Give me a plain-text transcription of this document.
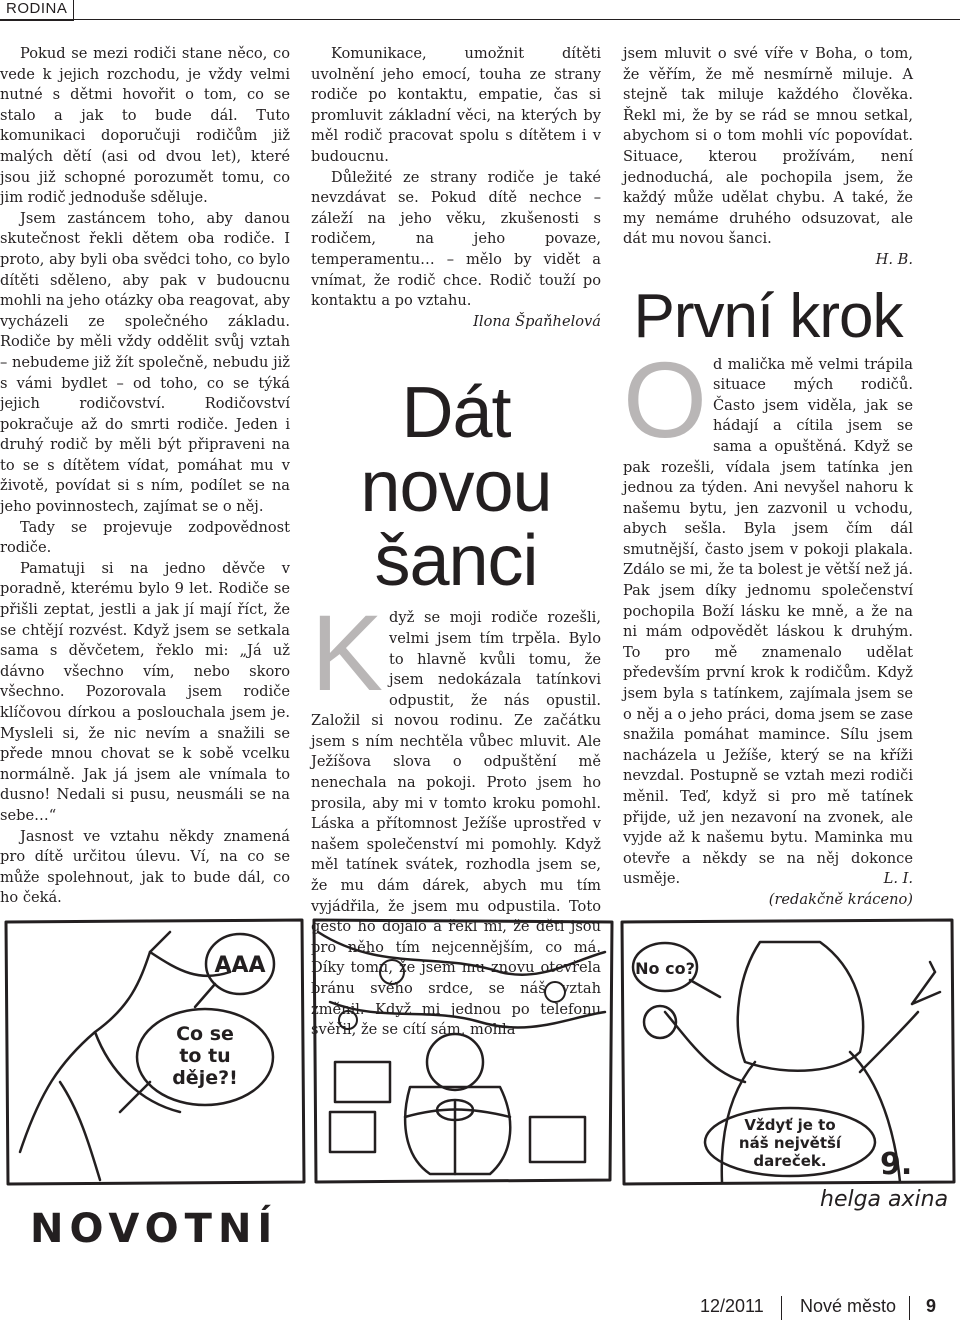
RODINA

Pokud se mezi rodiči stane něco, co vede k jejich rozchodu, je vždy velmi nutné s dětmi hovořit o tom, co se stalo a jak to bude dál. Tuto komunikaci doporučuji rodičům již malých dětí (asi od dvou let), které jsou již schopné porozumět tomu, co jim rodič jednoduše sděluje.

Jsem zastáncem toho, aby danou skutečnost řekli dětem oba rodiče. I proto, aby byli oba svědci toho, co bylo dítěti sděleno, aby pak v budoucnu mohli na jeho otázky oba reagovat, aby vycházeli ze společného základu. Rodiče by měli vždy oddělit svůj vztah – nebudeme již žít společně, nebudu již s vámi bydlet – od toho, co se týká jejich rodičovství. Rodičovství pokračuje až do smrti rodiče. Jeden i druhý rodič by měli být připraveni na to se s dítětem vídat, pomáhat mu v životě, povídat si s ním, podílet se na jeho povinnostech, zajímat se o něj.

Tady se projevuje zodpovědnost rodiče.

Pamatuji si na jedno děvče v poradně, kterému bylo 9 let. Rodiče se přišli zeptat, jestli a jak jí mají říct, že se chtějí rozvést. Když jsem se setkala sama s děvčetem, řeklo mi: „Já už dávno všechno vím, nebo skoro všechno. Pozorovala jsem rodiče klíčovou dírkou a poslouchala jsem je. Mysleli si, že nic nevím a snažili se přede mnou chovat se k sobě vcelku normálně. Jak já jsem ale vnímala to dusno! Nedali si pusu, neusmáli se na sebe…“

Jasnost ve vztahu někdy znamená pro dítě určitou úlevu. Ví, na co se může spolehnout, jak to bude dál, co ho čeká.

Komunikace, umožnit dítěti uvolnění jeho emocí, touha ze strany rodiče po kontaktu, empatie, čas si promluvit základní věci, na kterých by měl rodič pracovat spolu s dítětem i v budoucnu.

Důležité ze strany rodiče je také nevzdávat se. Pokud dítě nechce – záleží na jeho věku, zkušenosti s rodičem, na jeho povaze, temperamentu… – mělo by vidět a vnímat, že rodič chce. Rodič touží po kontaktu a po vztahu.

Ilona Špaňhelová

Dát novou
šanci

Když se moji rodiče rozešli, velmi jsem tím trpěla. Bylo to hlavně kvůli tomu, že jsem nedokázala tatínkovi odpustit, že nás opustil. Založil si novou rodinu. Ze začátku jsem s ním nechtěla vůbec mluvit. Ale Ježíšova slova o odpuštění mě nenechala na pokoji. Proto jsem ho prosila, aby mi v tomto kroku pomohl. Láska a přítomnost Ježíše uprostřed v našem společenství mi pomohly. Když měl tatínek svátek, rozhodla jsem se, že mu dám dárek, abych mu tím vyjádřila, že jsem mu odpustila. Toto gesto ho dojalo a řekl mi, že děti jsou pro něho tím nejcennějším, co má. Díky tomu, že jsem mu znovu otevřela bránu svého srdce, se náš vztah změnil. Když mi jednou po telefonu svěřil, že se cítí sám, mohla

jsem mluvit o své víře v Boha, o tom, že věřím, že mě nesmírně miluje. A stejně tak miluje každého člověka. Řekl mi, že by se rád se mnou setkal, abychom si o tom mohli víc popovídat. Situace, kterou prožívám, není jednoduchá, ale pochopila jsem, že každý může udělat chybu. A také, že my nemáme druhého odsuzovat, ale dát mu novou šanci.

H. B.

První krok

Od malička mě velmi trápila situace mých rodičů. Často jsem viděla, jak se hádají a cítila jsem se sama a opuštěná. Když se pak rozešli, vídala jsem tatínka jen jednou za týden. Ani nevyšel nahoru k našemu bytu, jen zazvonil u vchodu, abych sešla. Byla jsem čím dál smutnější, často jsem v pokoji plakala. Zdálo se mi, že ta bolest je větší než já. Pak jsem díky jednomu společenství pochopila Boží lásku ke mně, a že na ni mám odpovědět láskou k druhým. To pro mě znamenalo udělat především první krok k rodičům. Když jsem byla s tatínkem, zajímala jsem se o něj a o jeho práci, doma jsem se zase snažila pomáhat mamince. Sílu jsem nacházela u Ježíše, který se na kříži nevzdal. Postupně se vztah mezi rodiči měnil. Teď, když si pro mě tatínek přijde, už jen nezavoní na zvonek, ale vyjde až k našemu bytu. Maminka mu otevře a někdy se na něj dokonce usměje.	L. I.

(redakčně kráceno)

AAA
Co se
to tu
děje?!
No co?
Vždyť je to
náš největší
dareček. 9.
helga axina
NOVOTNÍ
12/2011 Nové město 9
